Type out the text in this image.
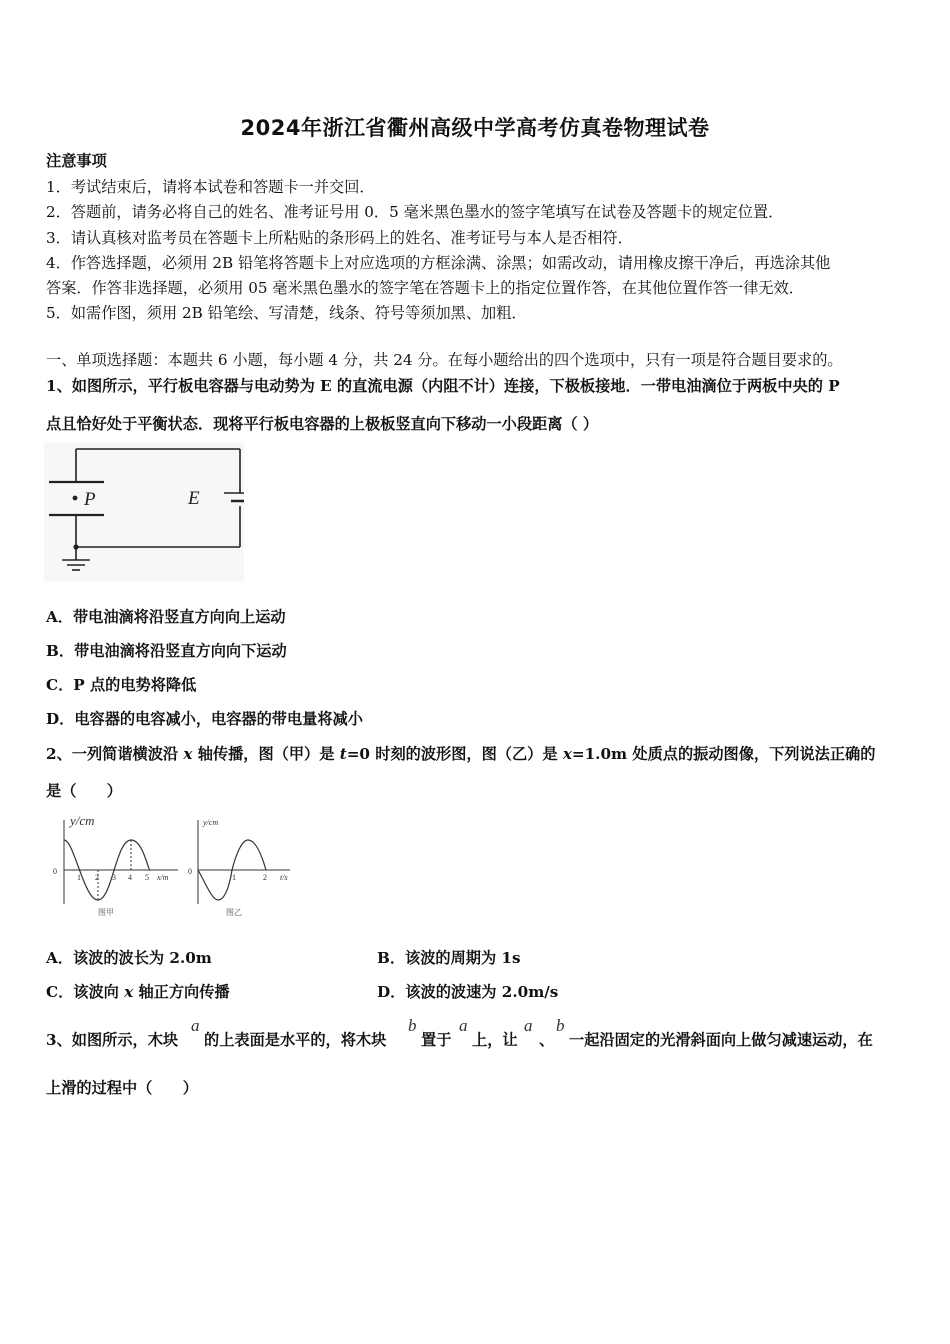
2024年浙江省衢州高级中学高考仿真卷物理试卷
注意事项
1．考试结束后，请将本试卷和答题卡一并交回．
2．答题前，请务必将自己的姓名、准考证号用 0．5 毫米黑色墨水的签字笔填写在试卷及答题卡的规定位置．
3．请认真核对监考员在答题卡上所粘贴的条形码上的姓名、准考证号与本人是否相符．
4．作答选择题，必须用 2B 铅笔将答题卡上对应选项的方框涂满、涂黑；如需改动，请用橡皮擦干净后，再选涂其他
答案．作答非选择题，必须用 05 毫米黑色墨水的签字笔在答题卡上的指定位置作答，在其他位置作答一律无效．
5．如需作图，须用 2B 铅笔绘、写清楚，线条、符号等须加黑、加粗．
一、单项选择题：本题共 6 小题，每小题 4 分，共 24 分。在每小题给出的四个选项中，只有一项是符合题目要求的。
1、如图所示，平行板电容器与电动势为 E 的直流电源（内阻不计）连接，下极板接地．一带电油滴位于两板中央的 P
点且恰好处于平衡状态．现将平行板电容器的上极板竖直向下移动一小段距离（ ）
P	E
A．带电油滴将沿竖直方向向上运动
B．带电油滴将沿竖直方向向下运动
C．P 点的电势将降低
D．电容器的电容减小，电容器的带电量将减小
2、一列简谐横波沿 x 轴传播，图（甲）是 t=0 时刻的波形图，图（乙）是 x=1.0m 处质点的振动图像，下列说法正确的
是（　　）
y/cm
0
1 2 3 4 5 x/m
图甲
y/cm
0
1	2 t/s
图乙
A．该波的波长为 2.0m	B．该波的周期为 1s
C．该波向 x 轴正方向传播	D．该波的波速为 2.0m/s
3、如图所示，木块
a
的上表面是水平的，将木块
b
置于
a
上，让
a
、
b
一起沿固定的光滑斜面向上做匀减速运动，在
上滑的过程中（　　）
